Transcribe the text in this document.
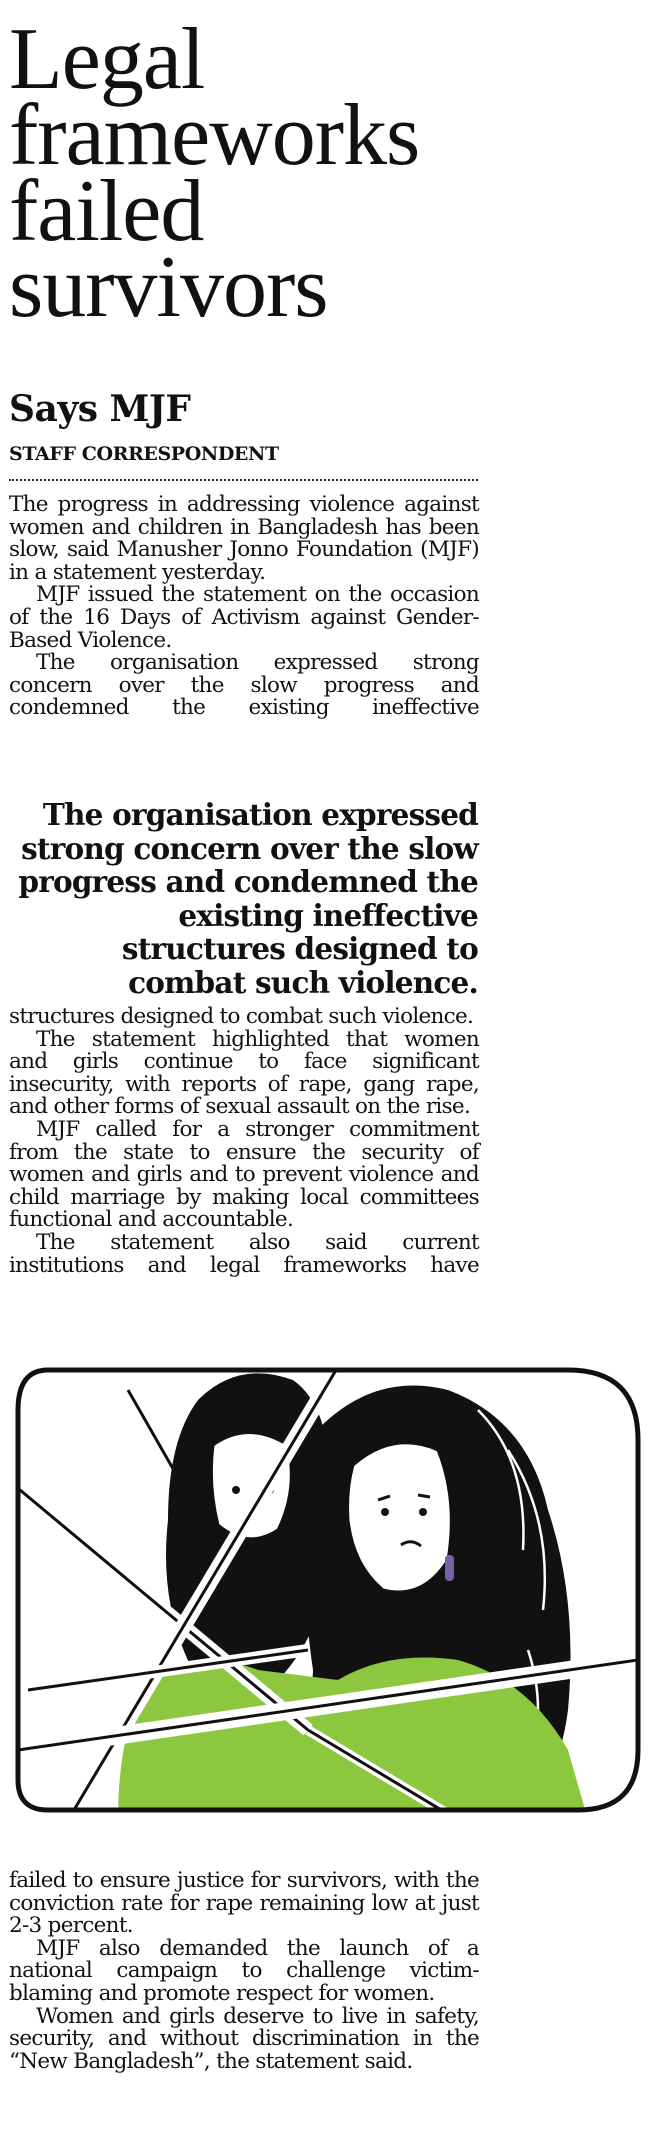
Legal
frameworks
failed
survivors
Says MJF
STAFF CORRESPONDENT

The progress in addressing violence against women and children in Bangladesh has been slow, said Manusher Jonno Foundation (MJF) in a statement yesterday.

MJF issued the statement on the occasion of the 16 Days of Activism against Gender-Based Violence.

The organisation expressed strong concern over the slow progress and condemned the existing ineffective

The organisation expressed strong concern over the slow progress and condemned the existing ineffective structures designed to combat such violence.

structures designed to combat such violence.

The statement highlighted that women and girls continue to face significant insecurity, with reports of rape, gang rape, and other forms of sexual assault on the rise.

MJF called for a stronger commitment from the state to ensure the security of women and girls and to prevent violence and child marriage by making local committees functional and accountable.

The statement also said current institutions and legal frameworks have

failed to ensure justice for survivors, with the conviction rate for rape remaining low at just 2-3 percent.

MJF also demanded the launch of a national campaign to challenge victim-blaming and promote respect for women.

Women and girls deserve to live in safety, security, and without discrimination in the “New Bangladesh”, the statement said.
